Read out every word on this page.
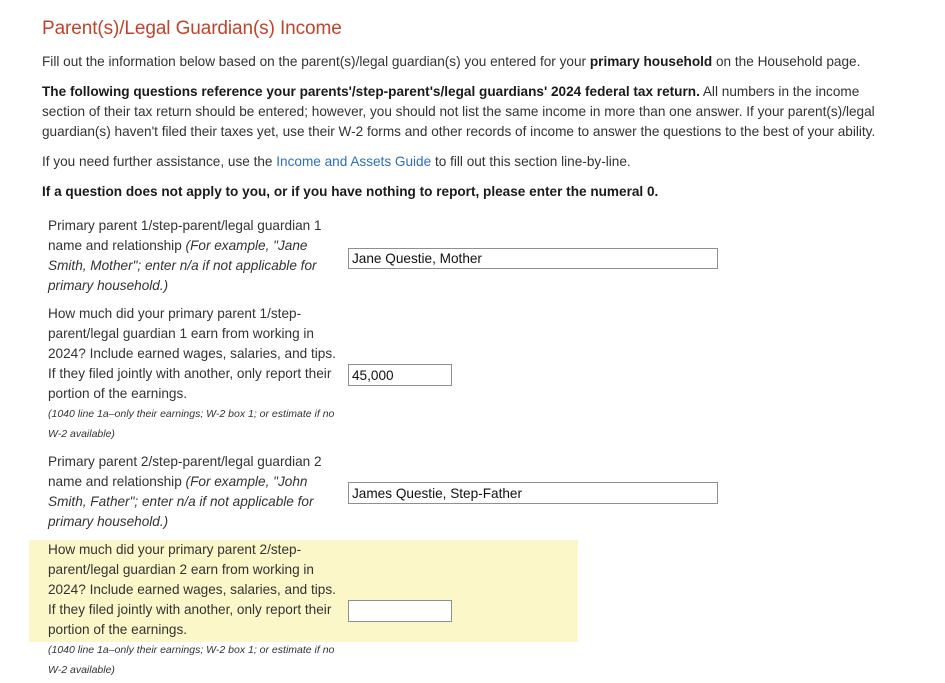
Parent(s)/Legal Guardian(s) Income

Fill out the information below based on the parent(s)/legal guardian(s) you entered for your primary household on the Household page.

The following questions reference your parents'/step-parent's/legal guardians' 2024 federal tax return. All numbers in the income section of their tax return should be entered; however, you should not list the same income in more than one answer. If your parent(s)/legal guardian(s) haven't filed their taxes yet, use their W-2 forms and other records of income to answer the questions to the best of your ability.

If you need further assistance, use the Income and Assets Guide to fill out this section line-by-line.

If a question does not apply to you, or if you have nothing to report, please enter the numeral 0.

Primary parent 1/step-parent/legal guardian 1 name and relationship (For example, "Jane Smith, Mother"; enter n/a if not applicable for primary household.)
Jane Questie, Mother
How much did your primary parent 1/step-parent/legal guardian 1 earn from working in 2024? Include earned wages, salaries, and tips. If they filed jointly with another, only report their portion of the earnings.
(1040 line 1a–only their earnings; W-2 box 1; or estimate if no W-2 available)
45,000
Primary parent 2/step-parent/legal guardian 2 name and relationship (For example, "John Smith, Father"; enter n/a if not applicable for primary household.)
James Questie, Step-Father
How much did your primary parent 2/step-parent/legal guardian 2 earn from working in 2024? Include earned wages, salaries, and tips. If they filed jointly with another, only report their portion of the earnings.
(1040 line 1a–only their earnings; W-2 box 1; or estimate if no W-2 available)
